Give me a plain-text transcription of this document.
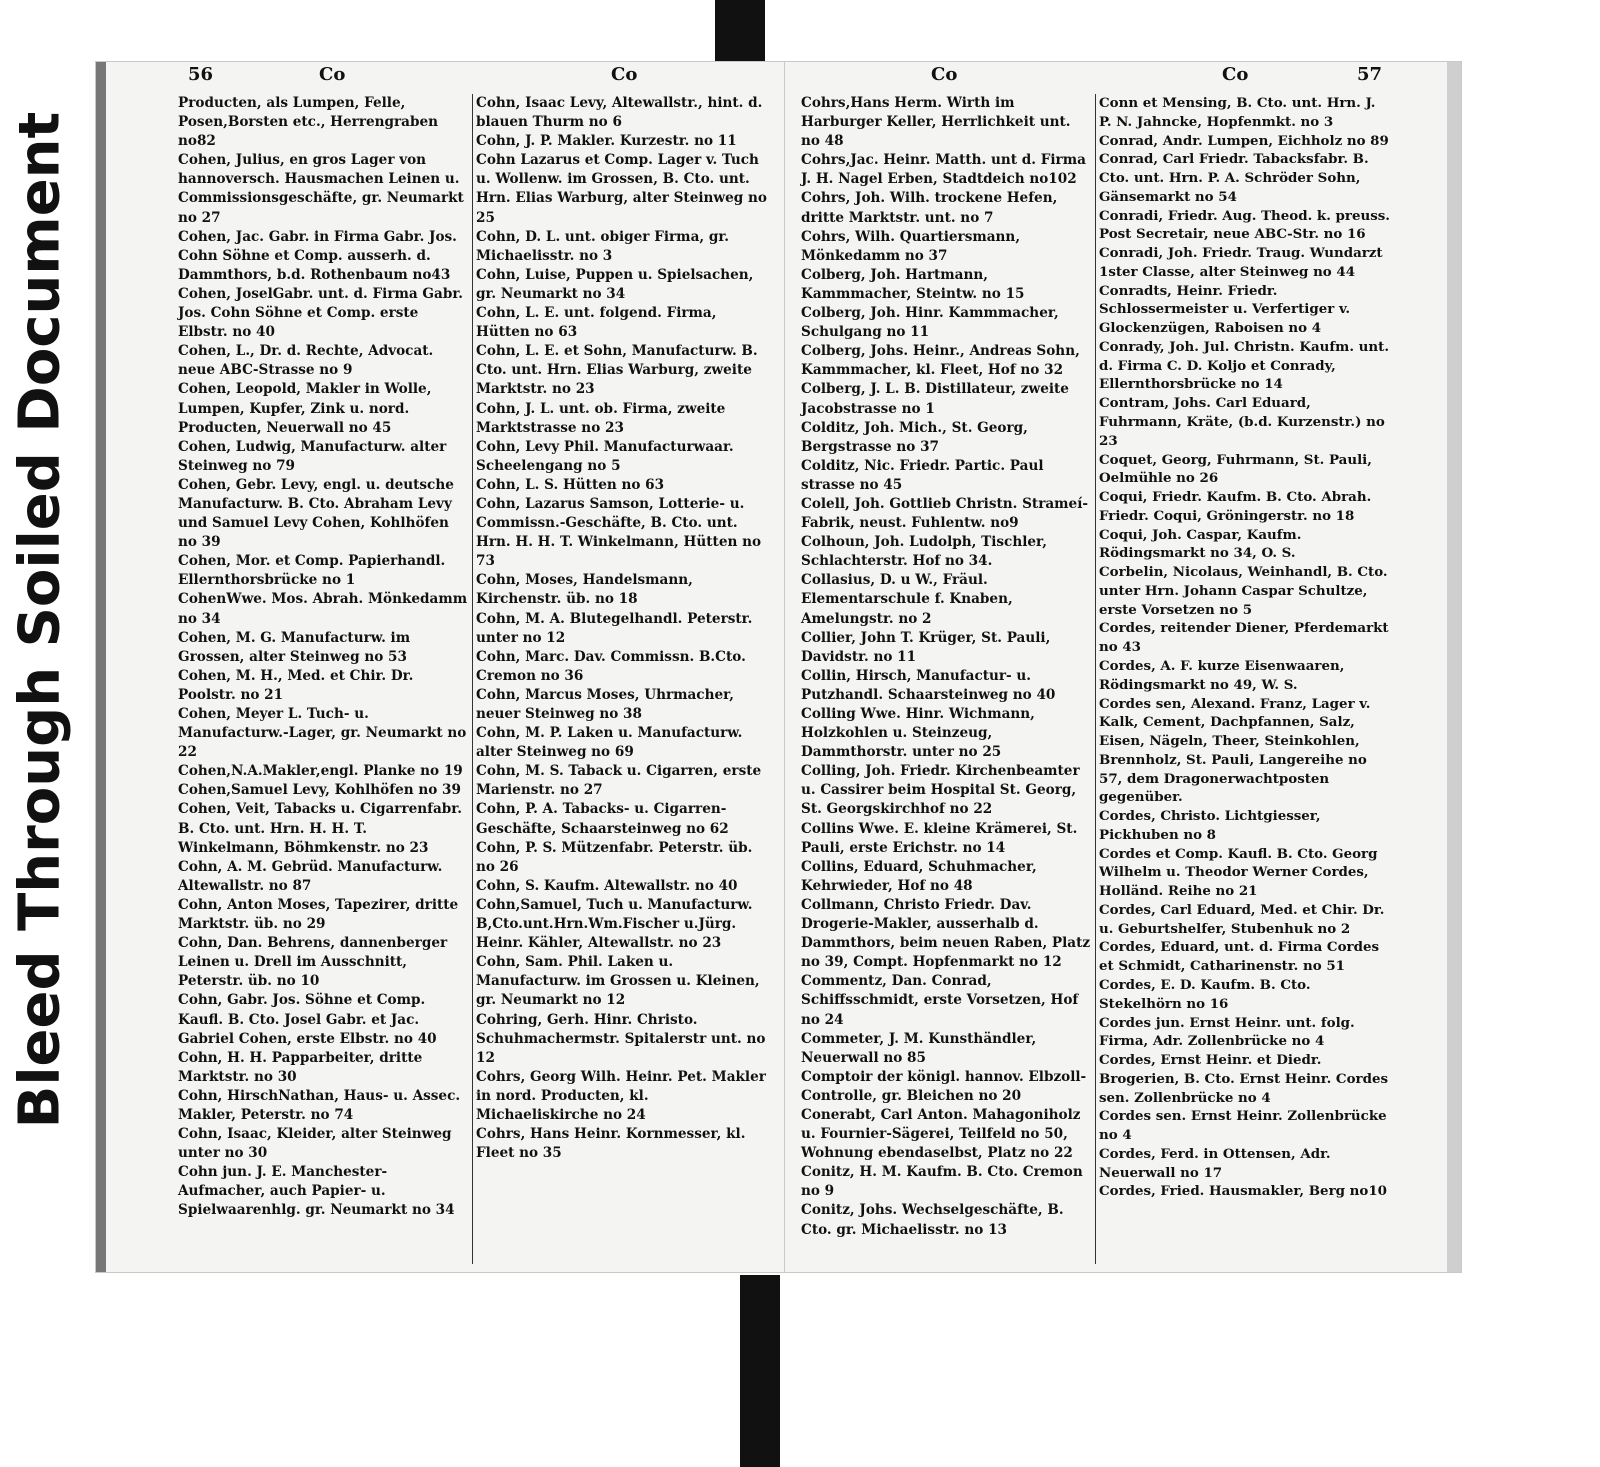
Bleed Through Soiled Document
56	Co	Co
Producten, als Lumpen, Felle, Posen,Borsten etc., Herrengraben no82
Cohen, Julius, en gros Lager von hannoversch. Hausmachen Leinen u. Commissionsgeschäfte, gr. Neumarkt no 27
Cohen, Jac. Gabr. in Firma Gabr. Jos. Cohn Söhne et Comp. ausserh. d. Dammthors, b.d. Rothenbaum no43
Cohen, JoselGabr. unt. d. Firma Gabr. Jos. Cohn Söhne et Comp. erste Elbstr. no 40
Cohen, L., Dr. d. Rechte, Advocat. neue ABC-Strasse no 9
Cohen, Leopold, Makler in Wolle, Lumpen, Kupfer, Zink u. nord. Producten, Neuerwall no 45
Cohen, Ludwig, Manufacturw. alter Steinweg no 79
Cohen, Gebr. Levy, engl. u. deutsche Manufacturw. B. Cto. Abraham Levy und Samuel Levy Cohen, Kohlhöfen no 39
Cohen, Mor. et Comp. Papierhandl. Ellernthorsbrücke no 1
CohenWwe. Mos. Abrah. Mönkedamm no 34
Cohen, M. G. Manufacturw. im Grossen, alter Steinweg no 53
Cohen, M. H., Med. et Chir. Dr. Poolstr. no 21
Cohen, Meyer L. Tuch- u. Manufacturw.-Lager, gr. Neumarkt no 22
Cohen,N.A.Makler,engl. Planke no 19
Cohen,Samuel Levy, Kohlhöfen no 39
Cohen, Veit, Tabacks u. Cigarrenfabr. B. Cto. unt. Hrn. H. H. T. Winkelmann, Böhmkenstr. no 23
Cohn, A. M. Gebrüd. Manufacturw. Altewallstr. no 87
Cohn, Anton Moses, Tapezirer, dritte Marktstr. üb. no 29
Cohn, Dan. Behrens, dannenberger Leinen u. Drell im Ausschnitt, Peterstr. üb. no 10
Cohn, Gabr. Jos. Söhne et Comp. Kaufl. B. Cto. Josel Gabr. et Jac. Gabriel Cohen, erste Elbstr. no 40
Cohn, H. H. Papparbeiter, dritte Marktstr. no 30
Cohn, HirschNathan, Haus- u. Assec. Makler, Peterstr. no 74
Cohn, Isaac, Kleider, alter Steinweg unter no 30
Cohn jun. J. E. Manchester-Aufmacher, auch Papier- u. Spielwaarenhlg. gr. Neumarkt no 34
Cohn, Isaac Levy, Altewallstr., hint. d. blauen Thurm no 6
Cohn, J. P. Makler. Kurzestr. no 11
Cohn Lazarus et Comp. Lager v. Tuch u. Wollenw. im Grossen, B. Cto. unt. Hrn. Elias Warburg, alter Steinweg no 25
Cohn, D. L. unt. obiger Firma, gr. Michaelisstr. no 3
Cohn, Luise, Puppen u. Spielsachen, gr. Neumarkt no 34
Cohn, L. E. unt. folgend. Firma, Hütten no 63
Cohn, L. E. et Sohn, Manufacturw. B. Cto. unt. Hrn. Elias Warburg, zweite Marktstr. no 23
Cohn, J. L. unt. ob. Firma, zweite Marktstrasse no 23
Cohn, Levy Phil. Manufacturwaar. Scheelengang no 5
Cohn, L. S. Hütten no 63
Cohn, Lazarus Samson, Lotterie- u. Commissn.-Geschäfte, B. Cto. unt. Hrn. H. H. T. Winkelmann, Hütten no 73
Cohn, Moses, Handelsmann, Kirchenstr. üb. no 18
Cohn, M. A. Blutegelhandl. Peterstr. unter no 12
Cohn, Marc. Dav. Commissn. B.Cto. Cremon no 36
Cohn, Marcus Moses, Uhrmacher, neuer Steinweg no 38
Cohn, M. P. Laken u. Manufacturw. alter Steinweg no 69
Cohn, M. S. Taback u. Cigarren, erste Marienstr. no 27
Cohn, P. A. Tabacks- u. Cigarren-Geschäfte, Schaarsteinweg no 62
Cohn, P. S. Mützenfabr. Peterstr. üb. no 26
Cohn, S. Kaufm. Altewallstr. no 40
Cohn,Samuel, Tuch u. Manufacturw. B,Cto.unt.Hrn.Wm.Fischer u.Jürg. Heinr. Kähler, Altewallstr. no 23
Cohn, Sam. Phil. Laken u. Manufacturw. im Grossen u. Kleinen, gr. Neumarkt no 12
Cohring, Gerh. Hinr. Christo. Schuhmachermstr. Spitalerstr unt. no 12
Cohrs, Georg Wilh. Heinr. Pet. Makler in nord. Producten, kl. Michaeliskirche no 24
Cohrs, Hans Heinr. Kornmesser, kl. Fleet no 35
Co	Co	57
Cohrs,Hans Herm. Wirth im Harburger Keller, Herrlichkeit unt. no 48
Cohrs,Jac. Heinr. Matth. unt d. Firma J. H. Nagel Erben, Stadtdeich no102
Cohrs, Joh. Wilh. trockene Hefen, dritte Marktstr. unt. no 7
Cohrs, Wilh. Quartiersmann, Mönkedamm no 37
Colberg, Joh. Hartmann, Kammmacher, Steintw. no 15
Colberg, Joh. Hinr. Kammmacher, Schulgang no 11
Colberg, Johs. Heinr., Andreas Sohn, Kammmacher, kl. Fleet, Hof no 32
Colberg, J. L. B. Distillateur, zweite Jacobstrasse no 1
Colditz, Joh. Mich., St. Georg, Bergstrasse no 37
Colditz, Nic. Friedr. Partic. Paul strasse no 45
Colell, Joh. Gottlieb Christn. Strameí-Fabrik, neust. Fuhlentw. no9
Colhoun, Joh. Ludolph, Tischler, Schlachterstr. Hof no 34.
Collasius, D. u W., Fräul. Elementarschule f. Knaben, Amelungstr. no 2
Collier, John T. Krüger, St. Pauli, Davidstr. no 11
Collin, Hirsch, Manufactur- u. Putzhandl. Schaarsteinweg no 40
Colling Wwe. Hinr. Wichmann, Holzkohlen u. Steinzeug, Dammthorstr. unter no 25
Colling, Joh. Friedr. Kirchenbeamter u. Cassirer beim Hospital St. Georg, St. Georgskirchhof no 22
Collins Wwe. E. kleine Krämerei, St. Pauli, erste Erichstr. no 14
Collins, Eduard, Schuhmacher, Kehrwieder, Hof no 48
Collmann, Christo Friedr. Dav. Drogerie-Makler, ausserhalb d. Dammthors, beim neuen Raben, Platz no 39, Compt. Hopfenmarkt no 12
Commentz, Dan. Conrad, Schiffsschmidt, erste Vorsetzen, Hof no 24
Commeter, J. M. Kunsthändler, Neuerwall no 85
Comptoir der königl. hannov. Elbzoll-Controlle, gr. Bleichen no 20
Conerabt, Carl Anton. Mahagoniholz u. Fournier-Sägerei, Teilfeld no 50, Wohnung ebendaselbst, Platz no 22
Conitz, H. M. Kaufm. B. Cto. Cremon no 9
Conitz, Johs. Wechselgeschäfte, B. Cto. gr. Michaelisstr. no 13
Conn et Mensing, B. Cto. unt. Hrn. J. P. N. Jahncke, Hopfenmkt. no 3
Conrad, Andr. Lumpen, Eichholz no 89
Conrad, Carl Friedr. Tabacksfabr. B. Cto. unt. Hrn. P. A. Schröder Sohn, Gänsemarkt no 54
Conradi, Friedr. Aug. Theod. k. preuss. Post Secretair, neue ABC-Str. no 16
Conradi, Joh. Friedr. Traug. Wundarzt 1ster Classe, alter Steinweg no 44
Conradts, Heinr. Friedr. Schlossermeister u. Verfertiger v. Glockenzügen, Raboisen no 4
Conrady, Joh. Jul. Christn. Kaufm. unt. d. Firma C. D. Koljo et Conrady, Ellernthorsbrücke no 14
Contram, Johs. Carl Eduard, Fuhrmann, Kräte, (b.d. Kurzenstr.) no 23
Coquet, Georg, Fuhrmann, St. Pauli, Oelmühle no 26
Coqui, Friedr. Kaufm. B. Cto. Abrah. Friedr. Coqui, Gröningerstr. no 18
Coqui, Joh. Caspar, Kaufm. Rödingsmarkt no 34, O. S.
Corbelin, Nicolaus, Weinhandl, B. Cto. unter Hrn. Johann Caspar Schultze, erste Vorsetzen no 5
Cordes, reitender Diener, Pferdemarkt no 43
Cordes, A. F. kurze Eisenwaaren, Rödingsmarkt no 49, W. S.
Cordes sen, Alexand. Franz, Lager v. Kalk, Cement, Dachpfannen, Salz, Eisen, Nägeln, Theer, Steinkohlen, Brennholz, St. Pauli, Langereihe no 57, dem Dragonerwachtposten gegenüber.
Cordes, Christo. Lichtgiesser, Pickhuben no 8
Cordes et Comp. Kaufl. B. Cto. Georg Wilhelm u. Theodor Werner Cordes, Holländ. Reihe no 21
Cordes, Carl Eduard, Med. et Chir. Dr. u. Geburtshelfer, Stubenhuk no 2
Cordes, Eduard, unt. d. Firma Cordes et Schmidt, Catharinenstr. no 51
Cordes, E. D. Kaufm. B. Cto. Stekelhörn no 16
Cordes jun. Ernst Heinr. unt. folg. Firma, Adr. Zollenbrücke no 4
Cordes, Ernst Heinr. et Diedr. Brogerien, B. Cto. Ernst Heinr. Cordes sen. Zollenbrücke no 4
Cordes sen. Ernst Heinr. Zollenbrücke no 4
Cordes, Ferd. in Ottensen, Adr. Neuerwall no 17
Cordes, Fried. Hausmakler, Berg no10
